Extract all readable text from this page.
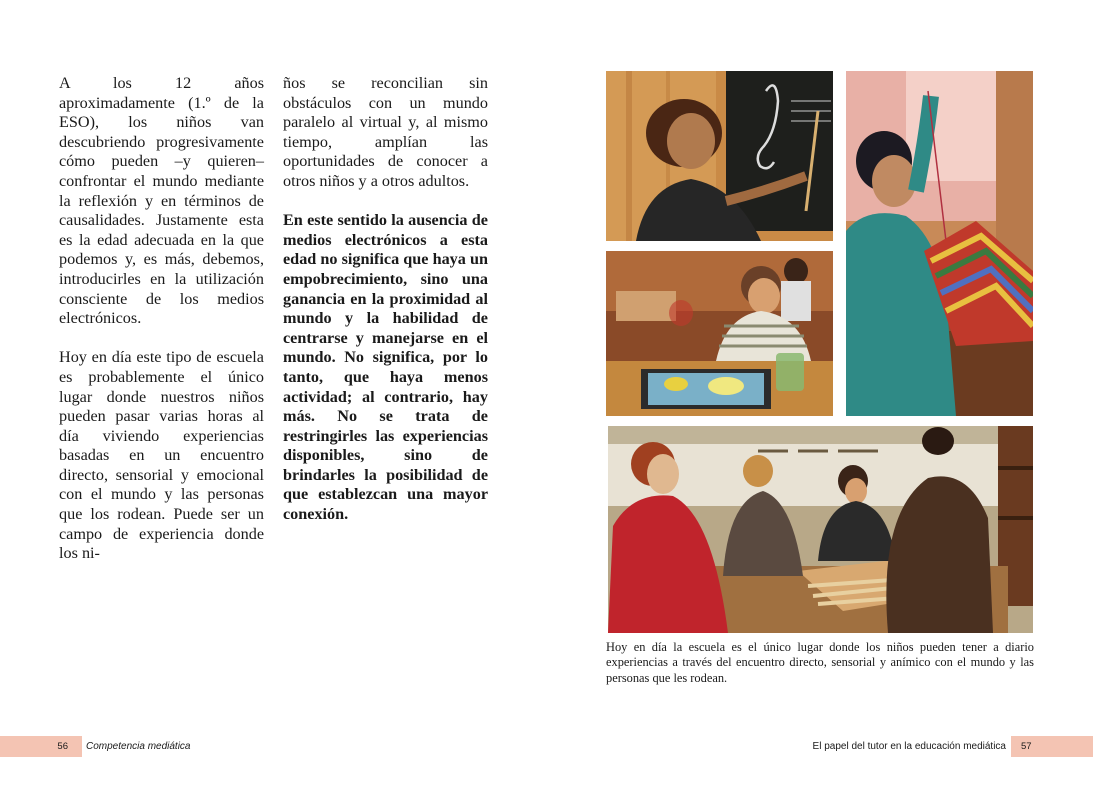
A los 12 años aproximadamente (1.º de la ESO), los niños van descubriendo progresivamente cómo pueden –y quieren– confrontar el mundo mediante la reflexión y en términos de causalidades. Justamente esta es la edad adecuada en la que podemos y, es más, debemos, introducirles en la utilización consciente de los medios electrónicos.

Hoy en día este tipo de escuela es probablemente el único lugar donde nuestros niños pueden pasar varias horas al día viviendo experiencias basadas en un encuentro directo, sensorial y emocional con el mundo y las personas que los rodean. Puede ser un campo de experiencia donde los ni-

ños se reconcilian sin obstáculos con un mundo paralelo al virtual y, al mismo tiempo, amplían las oportunidades de conocer a otros niños y a otros adultos.

En este sentido la ausencia de medios electrónicos a esta edad no significa que haya un empobrecimiento, sino una ganancia en la proximidad al mundo y la habilidad de centrarse y manejarse en el mundo. No significa, por lo tanto, que haya menos actividad; al contrario, hay más. No se trata de restringirles las experiencias disponibles, sino de brindarles la posibilidad de que establezcan una mayor conexión.

Hoy en día la escuela es el único lugar donde los niños pueden tener a diario experiencias a través del encuentro directo, sensorial y anímico con el mundo y las personas que les rodean.
56	Competencia mediática	El papel del tutor en la educación mediática	57
